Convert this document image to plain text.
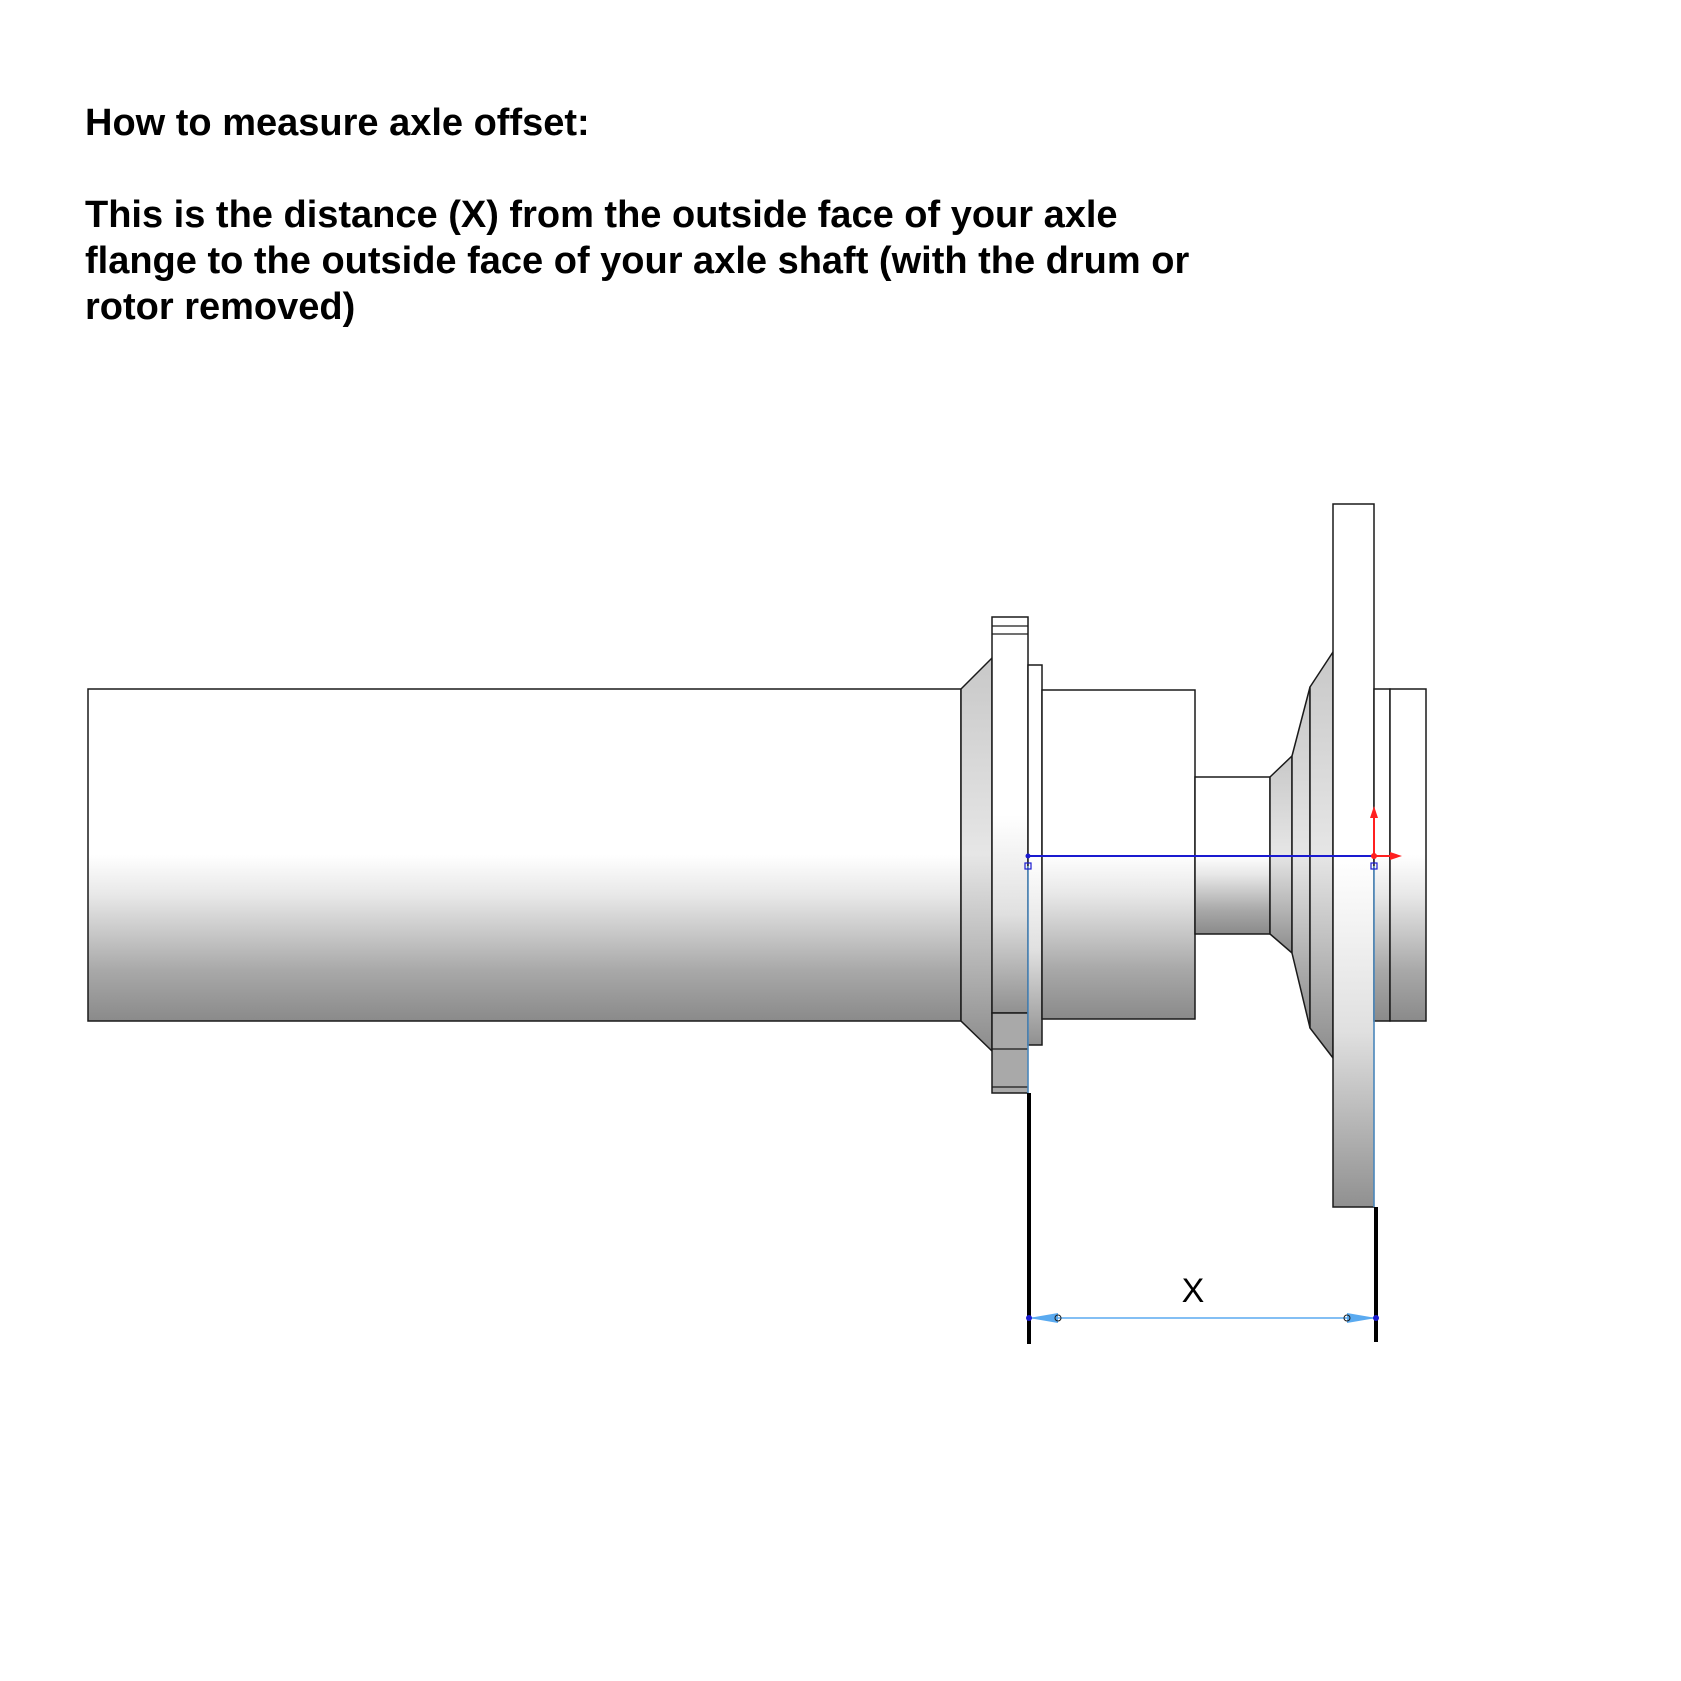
How to measure axle offset:

This is the distance (X) from the outside face of your axle flange to the outside face of your axle shaft (with the drum or rotor removed)

X
